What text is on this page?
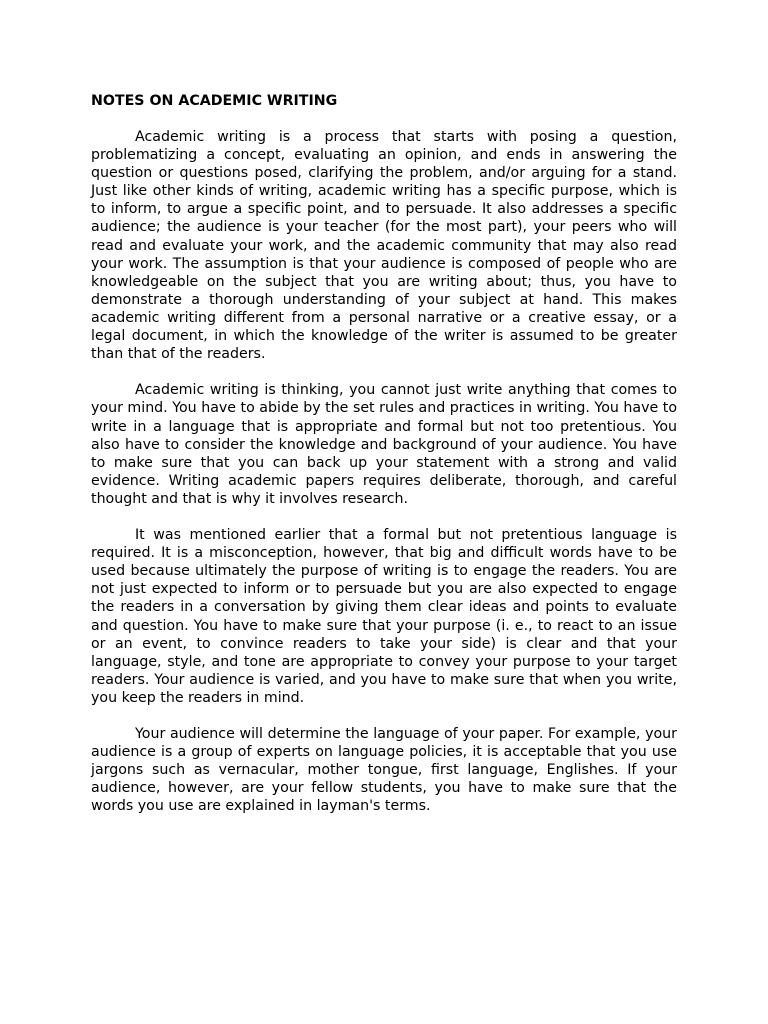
NOTES ON ACADEMIC WRITING

Academic writing is a process that starts with posing a question, problematizing a concept, evaluating an opinion, and ends in answering the question or questions posed, clarifying the problem, and/or arguing for a stand. Just like other kinds of writing, academic writing has a specific purpose, which is to inform, to argue a specific point, and to persuade. It also addresses a specific audience; the audience is your teacher (for the most part), your peers who will read and evaluate your work, and the academic community that may also read your work. The assumption is that your audience is composed of people who are knowledgeable on the subject that you are writing about; thus, you have to demonstrate a thorough understanding of your subject at hand. This makes academic writing different from a personal narrative or a creative essay, or a legal document, in which the knowledge of the writer is assumed to be greater than that of the readers.

Academic writing is thinking, you cannot just write anything that comes to your mind. You have to abide by the set rules and practices in writing. You have to write in a language that is appropriate and formal but not too pretentious. You also have to consider the knowledge and background of your audience. You have to make sure that you can back up your statement with a strong and valid evidence. Writing academic papers requires deliberate, thorough, and careful thought and that is why it involves research.

It was mentioned earlier that a formal but not pretentious language is required. It is a misconception, however, that big and difficult words have to be used because ultimately the purpose of writing is to engage the readers. You are not just expected to inform or to persuade but you are also expected to engage the readers in a conversation by giving them clear ideas and points to evaluate and question. You have to make sure that your purpose (i. e., to react to an issue or an event, to convince readers to take your side) is clear and that your language, style, and tone are appropriate to convey your purpose to your target readers. Your audience is varied, and you have to make sure that when you write, you keep the readers in mind.

Your audience will determine the language of your paper. For example, your audience is a group of experts on language policies, it is acceptable that you use jargons such as vernacular, mother tongue, first language, Englishes. If your audience, however, are your fellow students, you have to make sure that the words you use are explained in layman's terms.
